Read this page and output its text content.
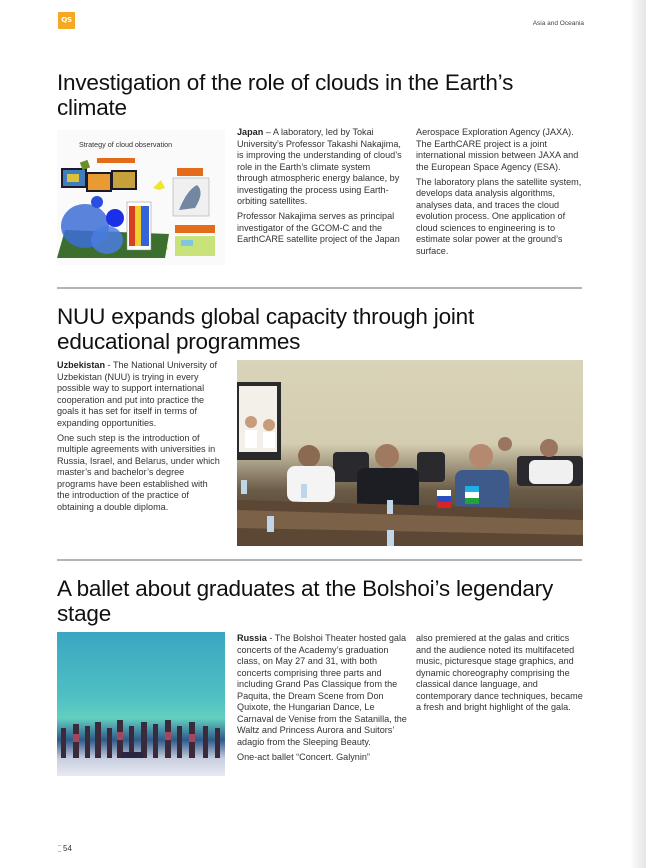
QS	Asia and Oceania
Investigation of the role of clouds in the Earth’s climate
Strategy of cloud observation

Japan – A laboratory, led by Tokai University’s Professor Takashi Nakajima, is improving the understanding of cloud’s role in the Earth’s climate system through atmospheric energy balance, by investigating the process using Earth-orbiting satellites.

Professor Nakajima serves as principal investigator of the GCOM-C and the EarthCARE satellite project of the Japan

Aerospace Exploration Agency (JAXA). The EarthCARE project is a joint international mission between JAXA and the European Space Agency (ESA).

The laboratory plans the satellite system, develops data analysis algorithms, analyses data, and traces the cloud evolution process. One application of cloud sciences to engineering is to estimate solar power at the ground’s surface.

NUU expands global capacity through joint educational programmes

Uzbekistan - The National University of Uzbekistan (NUU) is trying in every possible way to support international cooperation and put into practice the goals it has set for itself in terms of expanding opportunities.

One such step is the introduction of multiple agreements with universities in Russia, Israel, and Belarus, under which master’s and bachelor’s degree programs have been established with the introduction of the practice of obtaining a double diploma.

A ballet about graduates at the Bolshoi’s legendary stage

Russia - The Bolshoi Theater hosted gala concerts of the Academy’s graduation class, on May 27 and 31, with both concerts comprising three parts and including Grand Pas Classique from the Paquita, the Dream Scene from Don Quixote, the Hungarian Dance, Le Carnaval de Venise from the Satanilla, the Waltz and Princess Aurora and Suitors’ adagio from the Sleeping Beauty.

One-act ballet “Concert. Galynin”

also premiered at the galas and critics and the audience noted its multifaceted music, picturesque stage graphics, and dynamic choreography comprising the classical dance language, and contemporary dance techniques, became a fresh and bright highlight of the gala.

54
